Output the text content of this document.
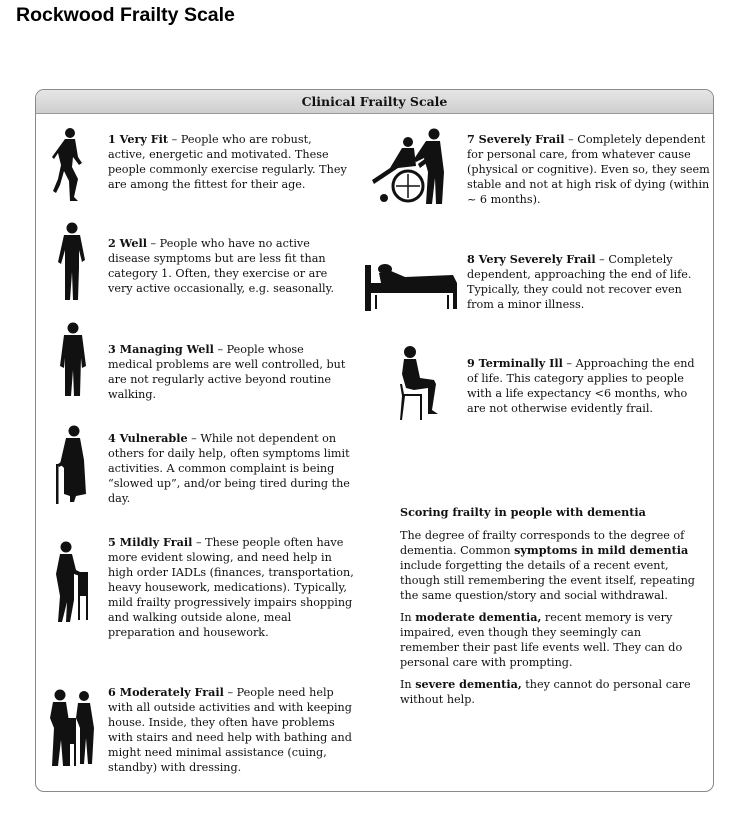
Rockwood Frailty Scale
Clinical Frailty Scale
1 Very Fit – People who are robust, active, energetic and motivated. These people commonly exercise regularly. They are among the fittest for their age.
2 Well – People who have no active disease symptoms but are less fit than category 1. Often, they exercise or are very active occasionally, e.g. seasonally.
3 Managing Well – People whose medical problems are well controlled, but are not regularly active beyond routine walking.
4 Vulnerable – While not dependent on others for daily help, often symptoms limit activities. A common complaint is being “slowed up”, and/or being tired during the day.
5 Mildly Frail – These people often have more evident slowing, and need help in high order IADLs (finances, transportation, heavy housework, medications). Typically, mild frailty progressively impairs shopping and walking outside alone, meal preparation and housework.
6 Moderately Frail – People need help with all outside activities and with keeping house. Inside, they often have problems with stairs and need help with bathing and might need minimal assistance (cuing, standby) with dressing.
7 Severely Frail – Completely dependent for personal care, from whatever cause (physical or cognitive). Even so, they seem stable and not at high risk of dying (within ~ 6 months).
8 Very Severely Frail – Completely dependent, approaching the end of life. Typically, they could not recover even from a minor illness.
9 Terminally Ill – Approaching the end of life. This category applies to people with a life expectancy <6 months, who are not otherwise evidently frail.
Scoring frailty in people with dementia
The degree of frailty corresponds to the degree of dementia. Common symptoms in mild dementia include forgetting the details of a recent event, though still remembering the event itself, repeating the same question/story and social withdrawal.
In moderate dementia, recent memory is very impaired, even though they seemingly can remember their past life events well. They can do personal care with prompting.
In severe dementia, they cannot do personal care without help.
